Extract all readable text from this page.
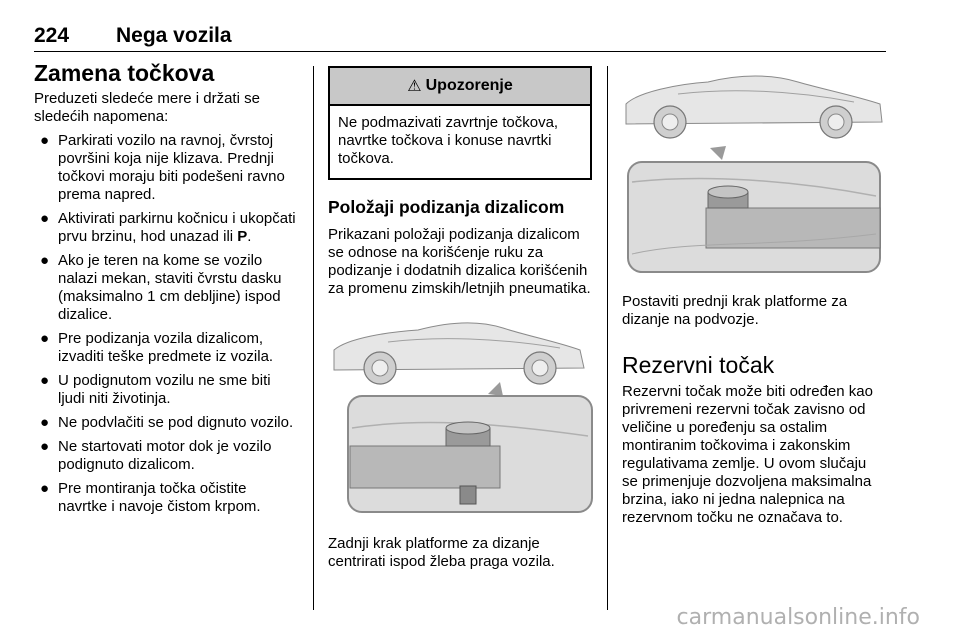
224 Nega vozila
Zamena točkova

Preduzeti sledeće mere i držati se sledećih napomena:

● Parkirati vozilo na ravnoj, čvrstoj površini koja nije klizava. Prednji točkovi moraju biti podešeni ravno prema napred.
● Aktivirati parkirnu kočnicu i ukopčati prvu brzinu, hod unazad ili P.
● Ako je teren na kome se vozilo nalazi mekan, staviti čvrstu dasku (maksimalno 1 cm debljine) ispod dizalice.
● Pre podizanja vozila dizalicom, izvaditi teške predmete iz vozila.
● U podignutom vozilu ne sme biti ljudi niti životinja.
● Ne podvlačiti se pod dignuto vozilo.
● Ne startovati motor dok je vozilo podignuto dizalicom.
● Pre montiranja točka očistite navrtke i navoje čistom krpom.
⚠ Upozorenje
Ne podmazivati zavrtnje točkova, navrtke točkova i konuse navrtki točkova.
Položaji podizanja dizalicom

Prikazani položaji podizanja dizalicom se odnose na korišćenje ruku za podizanje i dodatnih dizalica korišćenih za promenu zimskih/letnjih pneumatika.

Zadnji krak platforme za dizanje centrirati ispod žleba praga vozila.

Postaviti prednji krak platforme za dizanje na podvozje.

Rezervni točak

Rezervni točak može biti određen kao privremeni rezervni točak zavisno od veličine u poređenju sa ostalim montiranim točkovima i zakonskim regulativama zemlje. U ovom slučaju se primenjuje dozvoljena maksimalna brzina, iako ni jedna nalepnica na rezervnom točku ne označava to.

carmanualsonline.info
